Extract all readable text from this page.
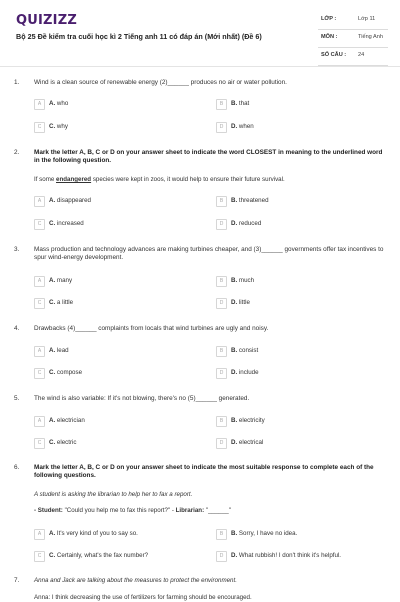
QUIZIZZ
Bộ 25 Đề kiểm tra cuối học kì 2 Tiếng anh 11 có đáp án (Mới nhất) (Đề 6)
LỚP :	Lớp 11
MÔN :	Tiếng Anh
SỐ CÂU : 24
1. Wind is a clean source of renewable energy (2)______ produces no air or water pollution.
A	A. who	B	B. that
C	C. why	D	D. when
2. Mark the letter A, B, C or D on your answer sheet to indicate the word CLOSEST in meaning to the underlined word in the following question.
If some endangered species were kept in zoos, it would help to ensure their future survival.
A	A. disappeared	B	B. threatened
C	C. increased	D	D. reduced
3. Mass production and technology advances are making turbines cheaper, and (3)______ governments offer tax incentives to spur wind-energy development.
A	A. many	B	B. much
C	C. a little	D	D. little
4. Drawbacks (4)______ complaints from locals that wind turbines are ugly and noisy.
A	A. lead	B	B. consist
C	C. compose	D	D. include
5. The wind is also variable: If it's not blowing, there's no (5)______ generated.
A	A. electrician	B	B. electricity
C	C. electric	D	D. electrical
6. Mark the letter A, B, C or D on your answer sheet to indicate the most suitable response to complete each of the following questions.
A student is asking the librarian to help her to fax a report.
- Student: "Could you help me to fax this report?" - Librarian: "______"
A	A. It's very kind of you to say so.	B	B. Sorry, I have no idea.
C	C. Certainly, what's the fax number?	D	D. What rubbish! I don't think it's helpful.
7. Anna and Jack are talking about the measures to protect the environment.
Anna: I think decreasing the use of fertilizers for farming should be encouraged.
